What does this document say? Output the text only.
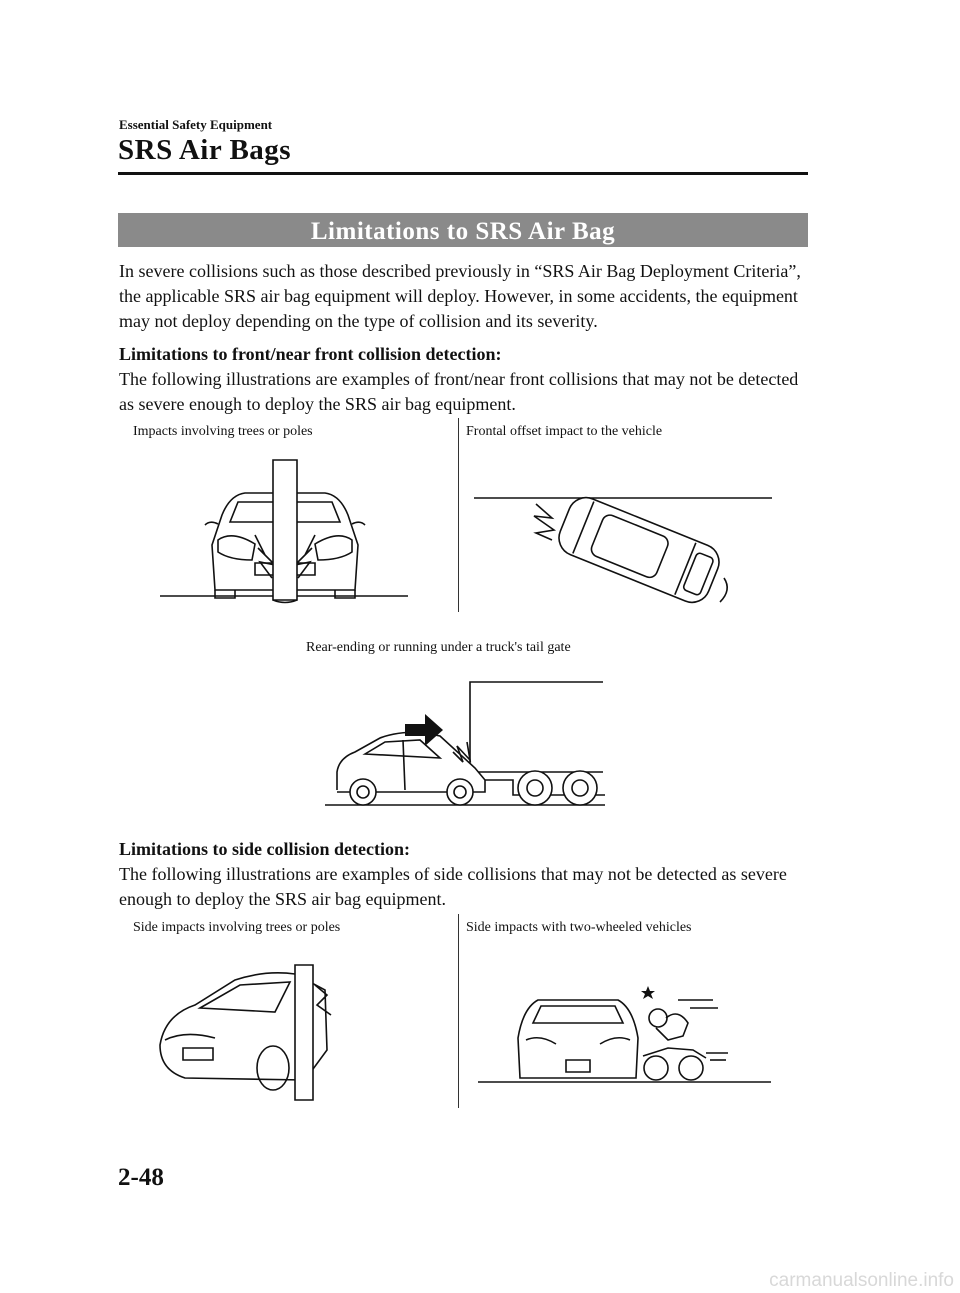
Essential Safety Equipment
SRS Air Bags
Limitations to SRS Air Bag
In severe collisions such as those described previously in “SRS Air Bag Deployment Criteria”, the applicable SRS air bag equipment will deploy. However, in some accidents, the equipment may not deploy depending on the type of collision and its severity.
Limitations to front/near front collision detection:
The following illustrations are examples of front/near front collisions that may not be detected as severe enough to deploy the SRS air bag equipment.
Impacts involving trees or poles	Frontal offset impact to the vehicle
Rear-ending or running under a truck's tail gate
Limitations to side collision detection:
The following illustrations are examples of side collisions that may not be detected as severe enough to deploy the SRS air bag equipment.
Side impacts involving trees or poles	Side impacts with two-wheeled vehicles
2-48
carmanualsonline.info
